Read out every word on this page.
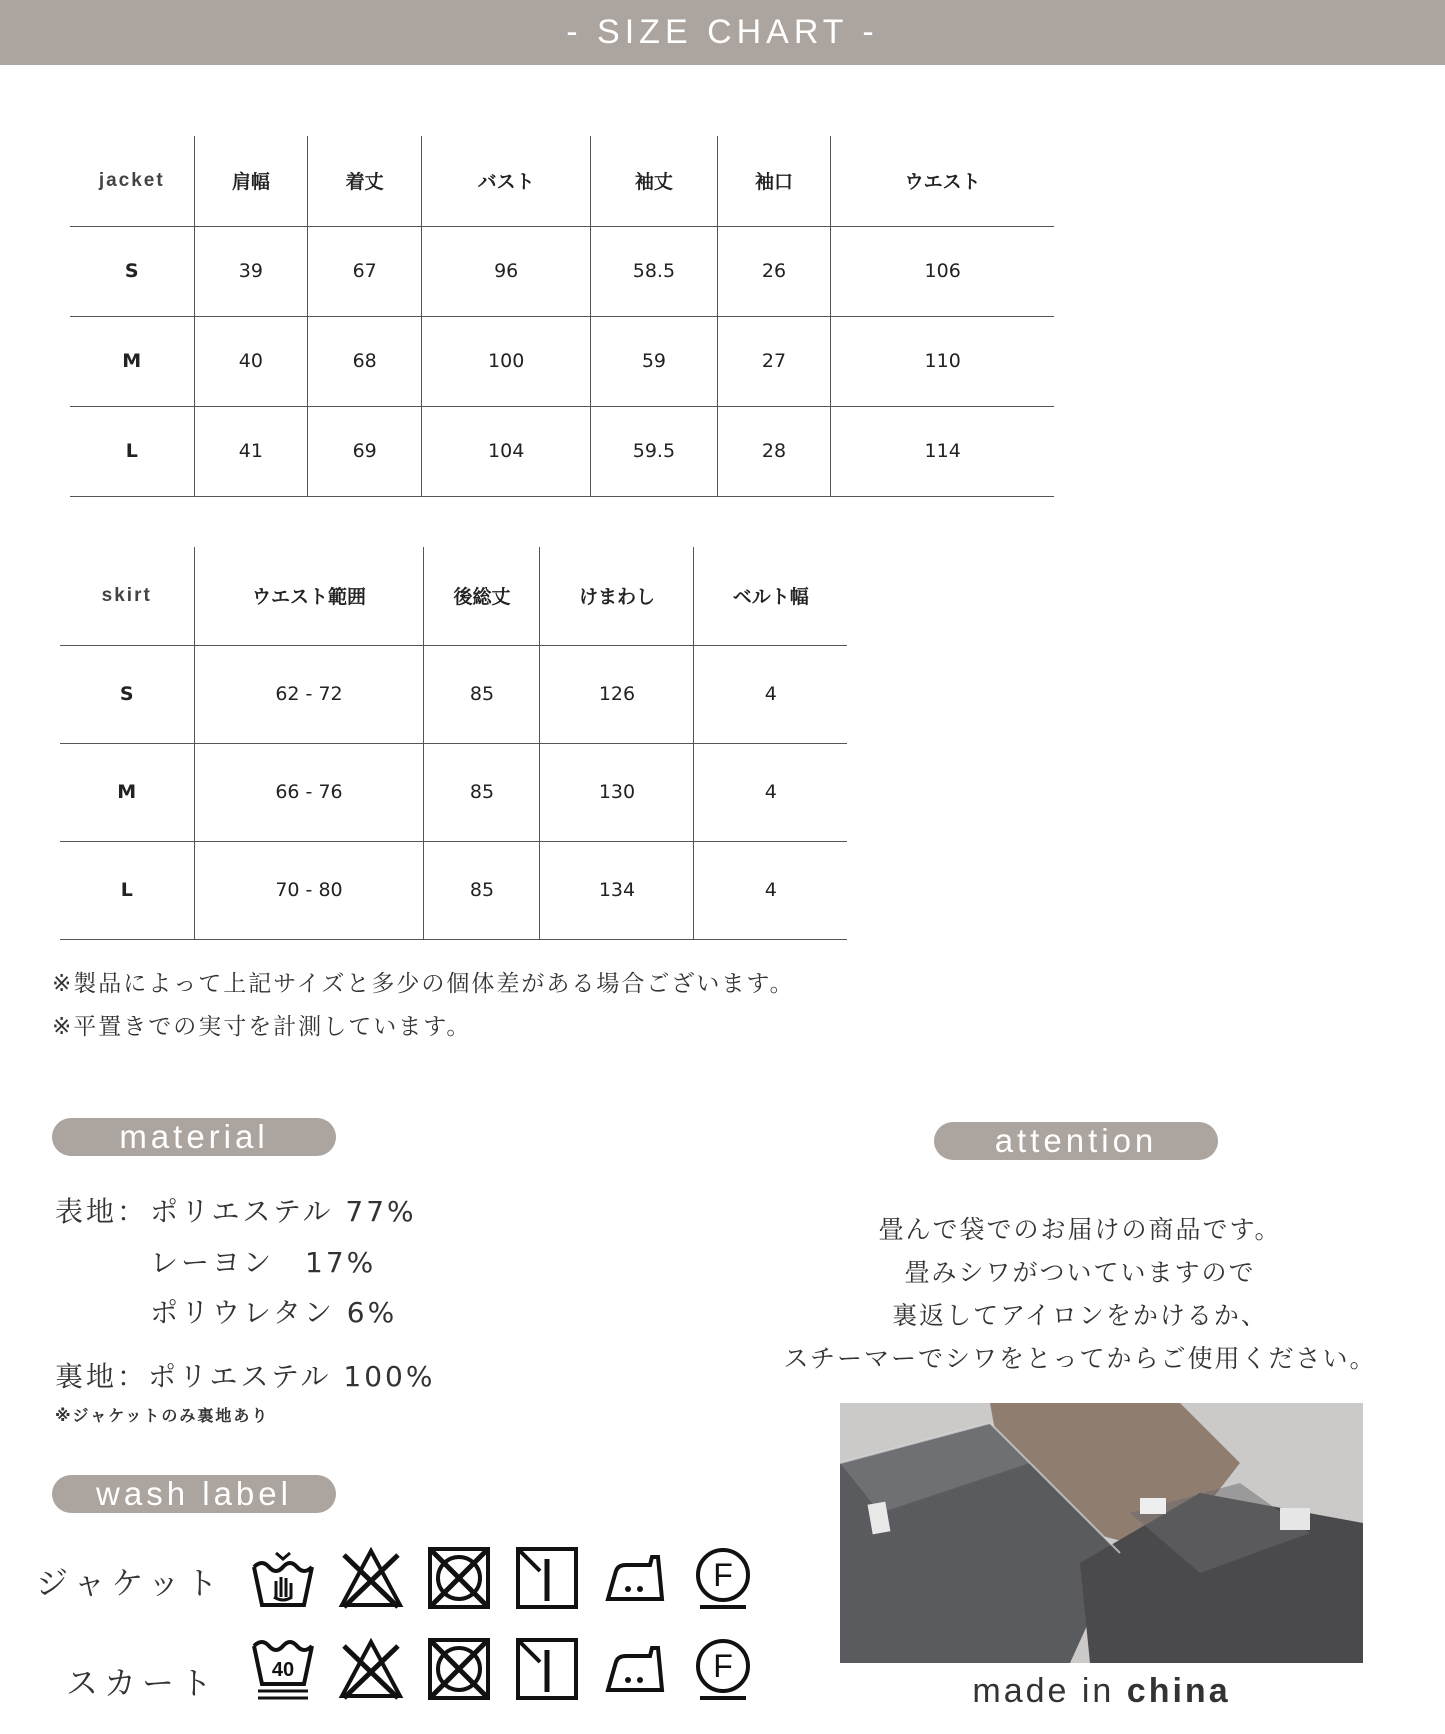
- SIZE CHART -
jacket	肩幅	着丈	バスト	袖丈	袖口	ウエスト
S	39	67	96	58.5	26	106
M	40	68	100	59	27	110
L	41	69	104	59.5	28	114
skirt	ウエスト範囲	後総丈	けまわし	ベルト幅
S	62 - 72	85	126	4
M	66 - 76	85	130	4
L	70 - 80	85	134	4
※製品によって上記サイズと多少の個体差がある場合ございます。
※平置きでの実寸を計測しています。
material
表地： ポリエステル 77%
レーヨン　17%
ポリウレタン 6%
裏地：ポリエステル 100%
※ジャケットのみ裏地あり
wash label
ジャケット	F
スカート	40	F
attention
畳んで袋でのお届けの商品です。
畳みシワがついていますので
裏返してアイロンをかけるか、
スチーマーでシワをとってからご使用ください。
made in china
